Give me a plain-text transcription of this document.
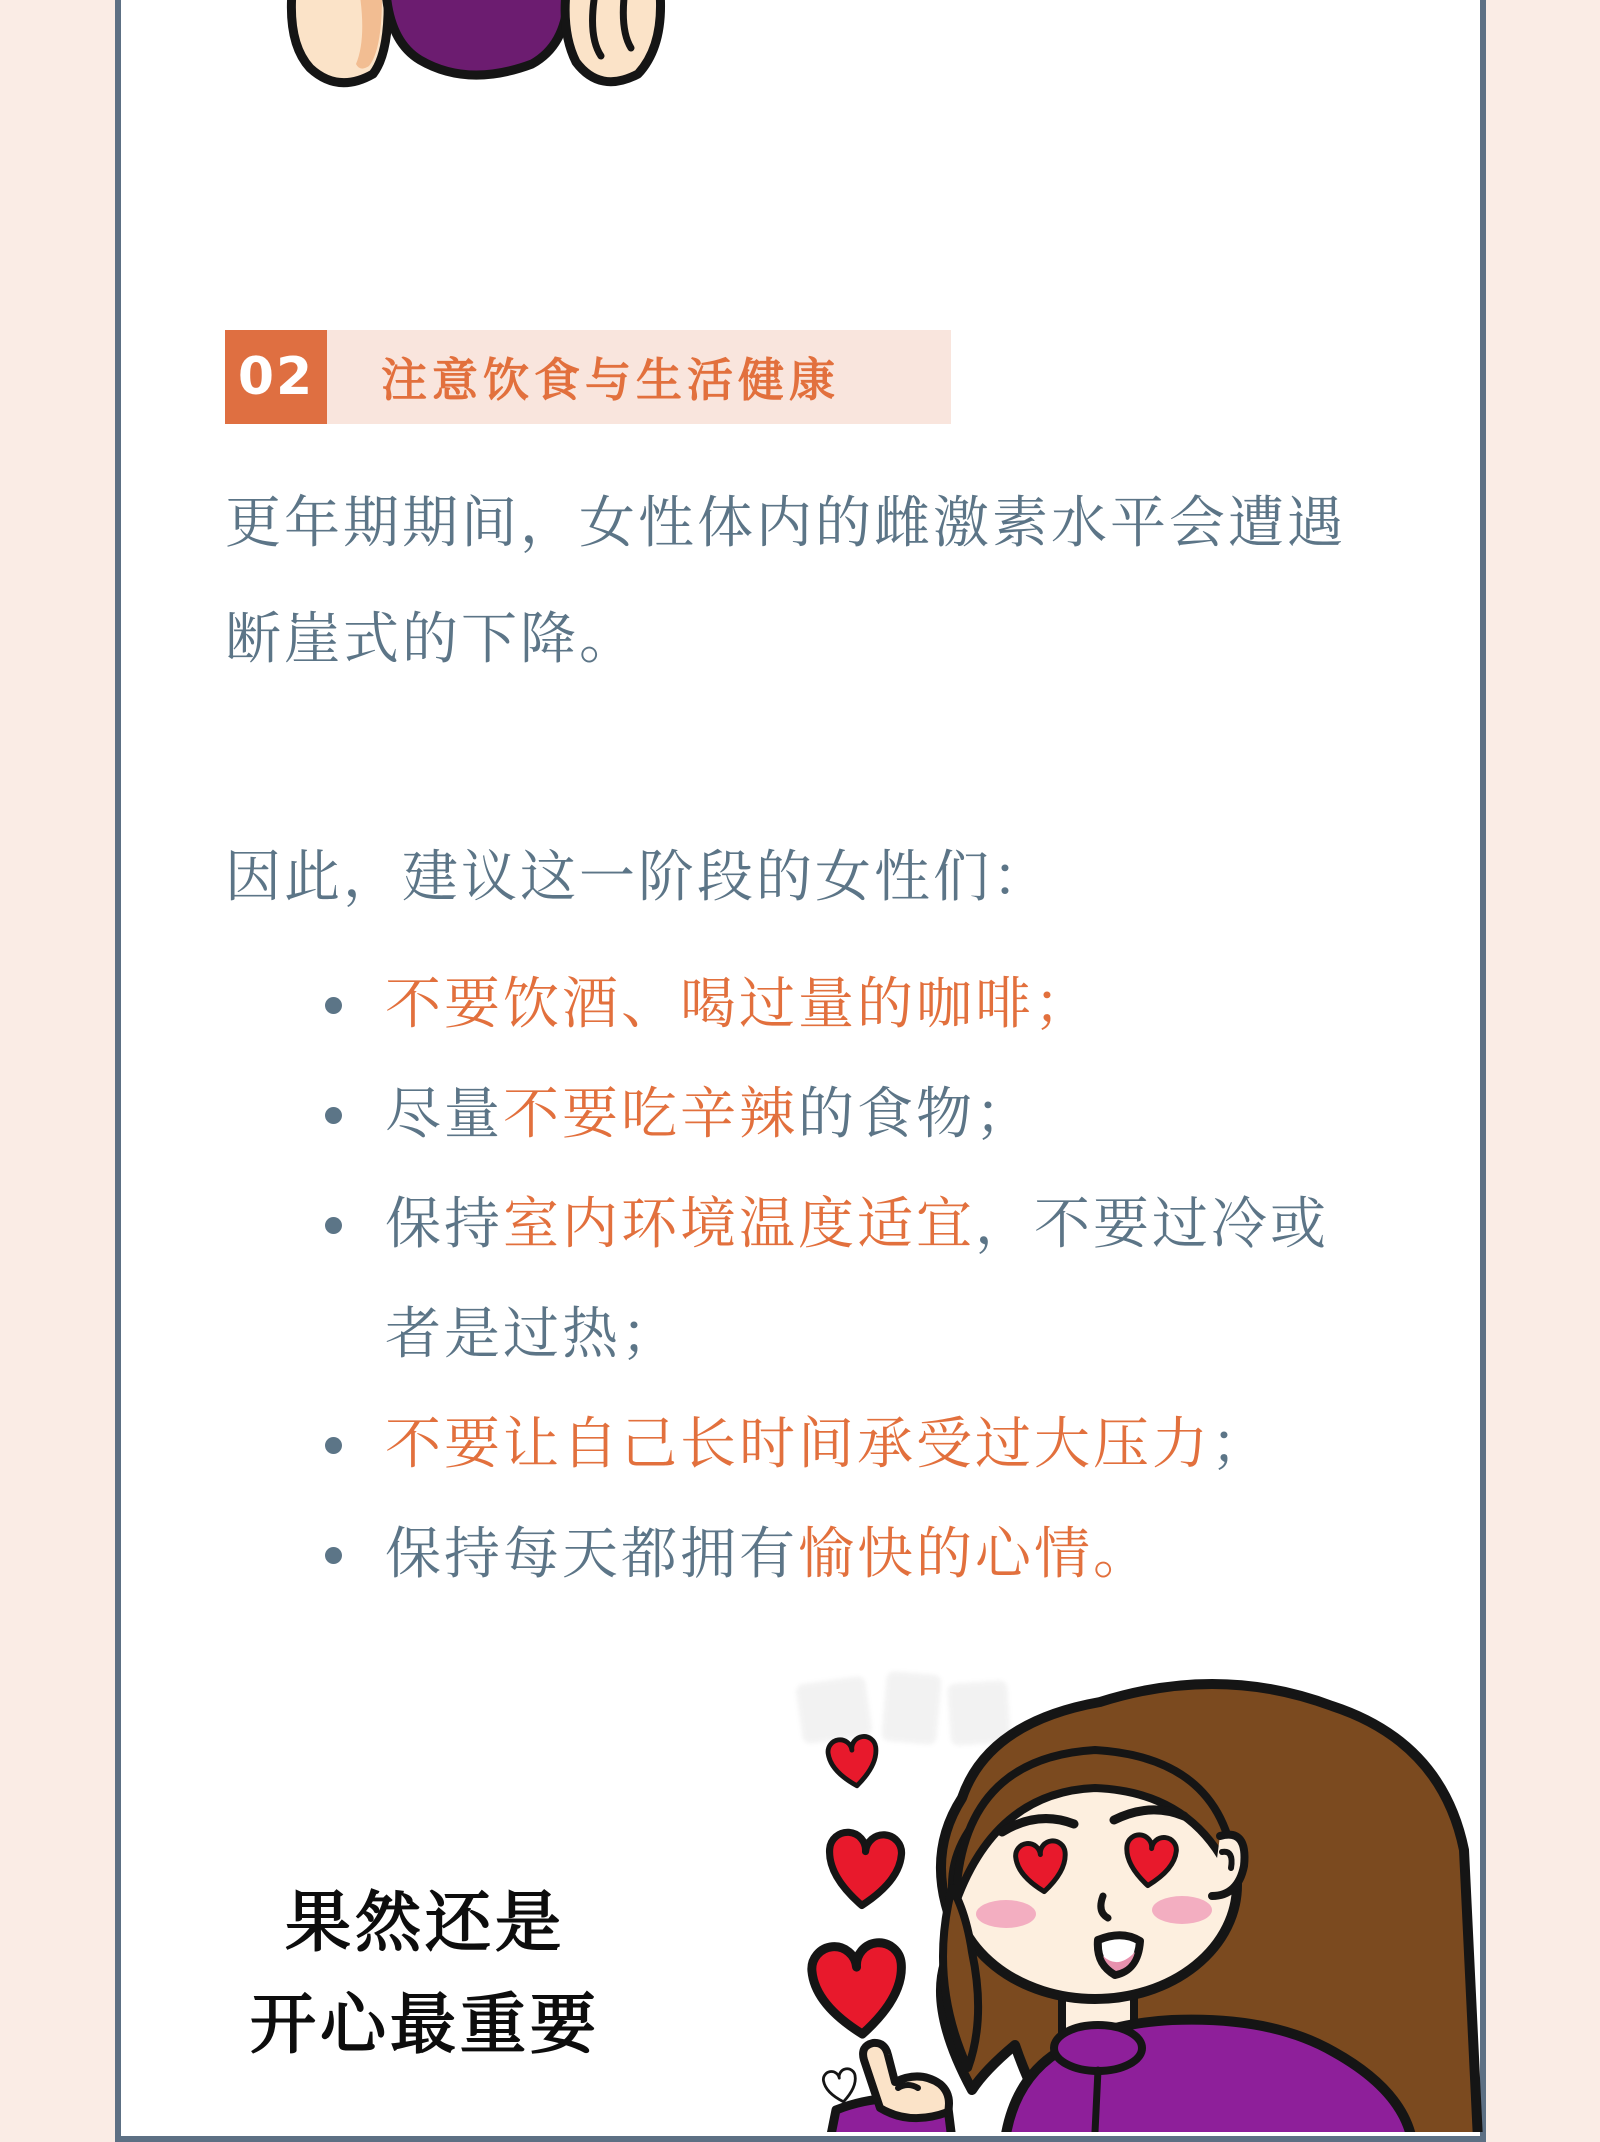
02	注意饮食与生活健康
更年期期间，女性体内的雌激素水平会遭遇
断崖式的下降。
因此，建议这一阶段的女性们：
不要饮酒、喝过量的咖啡；
尽量不要吃辛辣的食物；
保持室内环境温度适宜，不要过冷或
者是过热；
不要让自己长时间承受过大压力；
保持每天都拥有愉快的心情。
果然还是
开心最重要
